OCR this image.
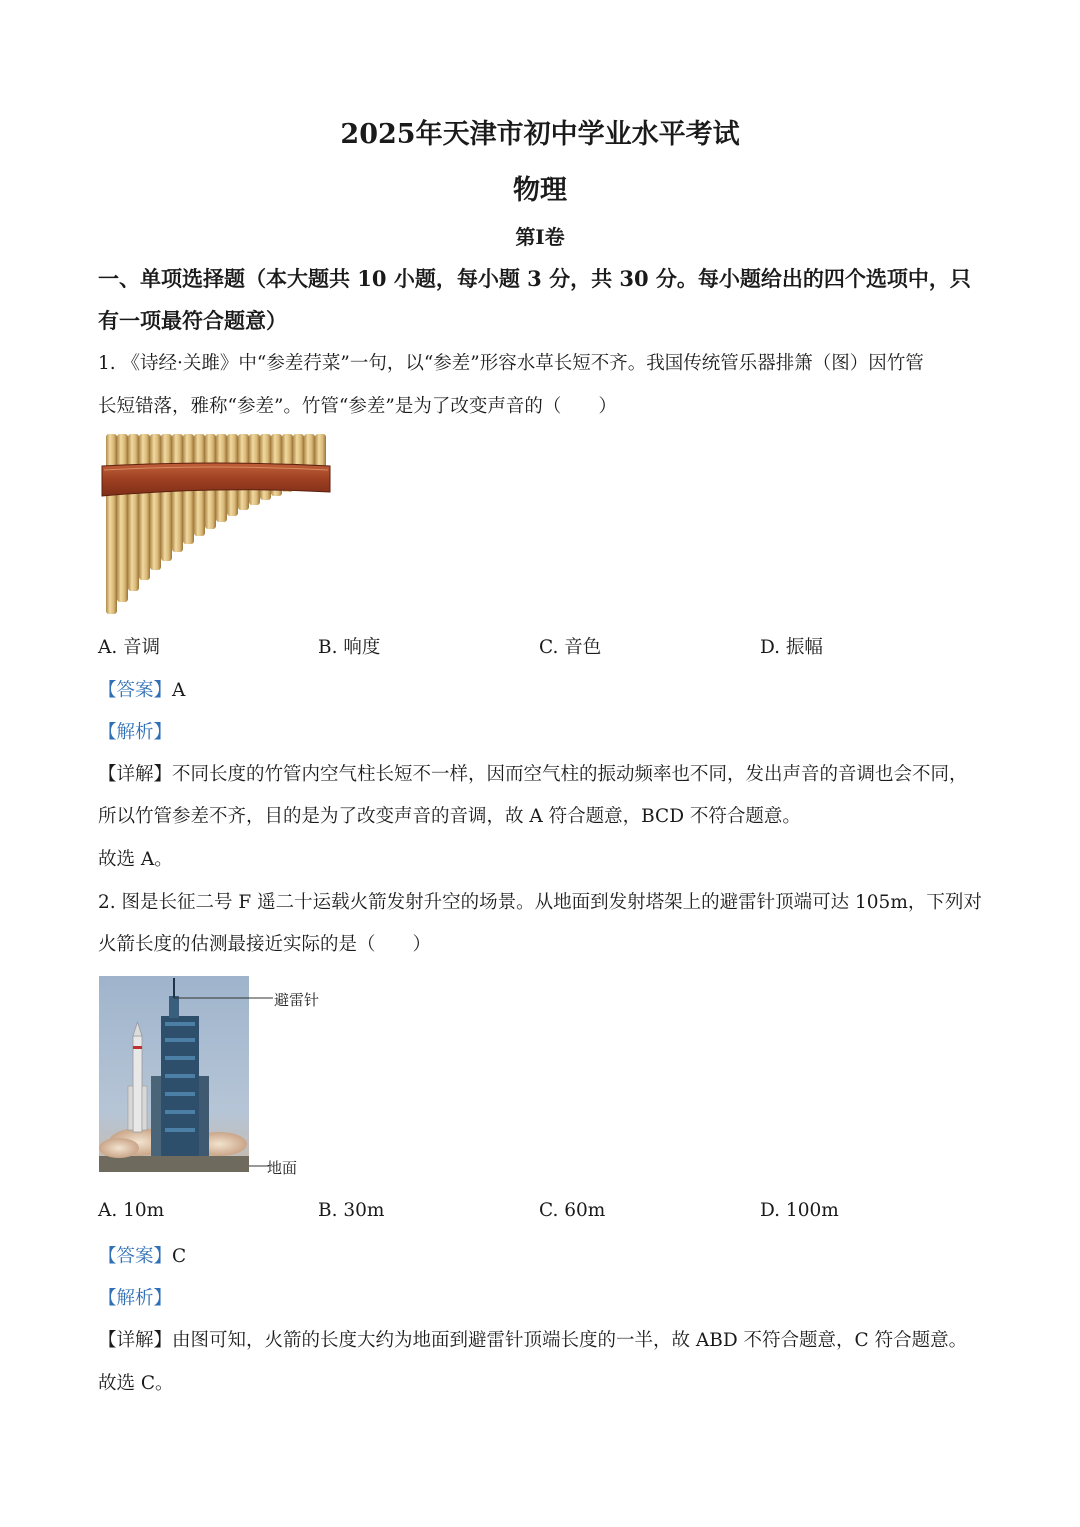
2025年天津市初中学业水平考试
物理
第I卷
一、单项选择题（本大题共 10 小题，每小题 3 分，共 30 分。每小题给出的四个选项中，只
有一项最符合题意）
1. 《诗经·关雎》中“参差荇菜”一句，以“参差”形容水草长短不齐。我国传统管乐器排箫（图）因竹管
长短错落，雅称“参差”。竹管“参差”是为了改变声音的（　　）
A. 音调	B. 响度	C. 音色	D. 振幅
【答案】A
【解析】
【详解】不同长度的竹管内空气柱长短不一样，因而空气柱的振动频率也不同，发出声音的音调也会不同，
所以竹管参差不齐，目的是为了改变声音的音调，故 A 符合题意，BCD 不符合题意。
故选 A。
2. 图是长征二号 F 遥二十运载火箭发射升空的场景。从地面到发射塔架上的避雷针顶端可达 105m，下列对
火箭长度的估测最接近实际的是（　　）
避雷针
地面
A. 10m	B. 30m	C. 60m	D. 100m
【答案】C
【解析】
【详解】由图可知，火箭的长度大约为地面到避雷针顶端长度的一半，故 ABD 不符合题意，C 符合题意。
故选 C。
